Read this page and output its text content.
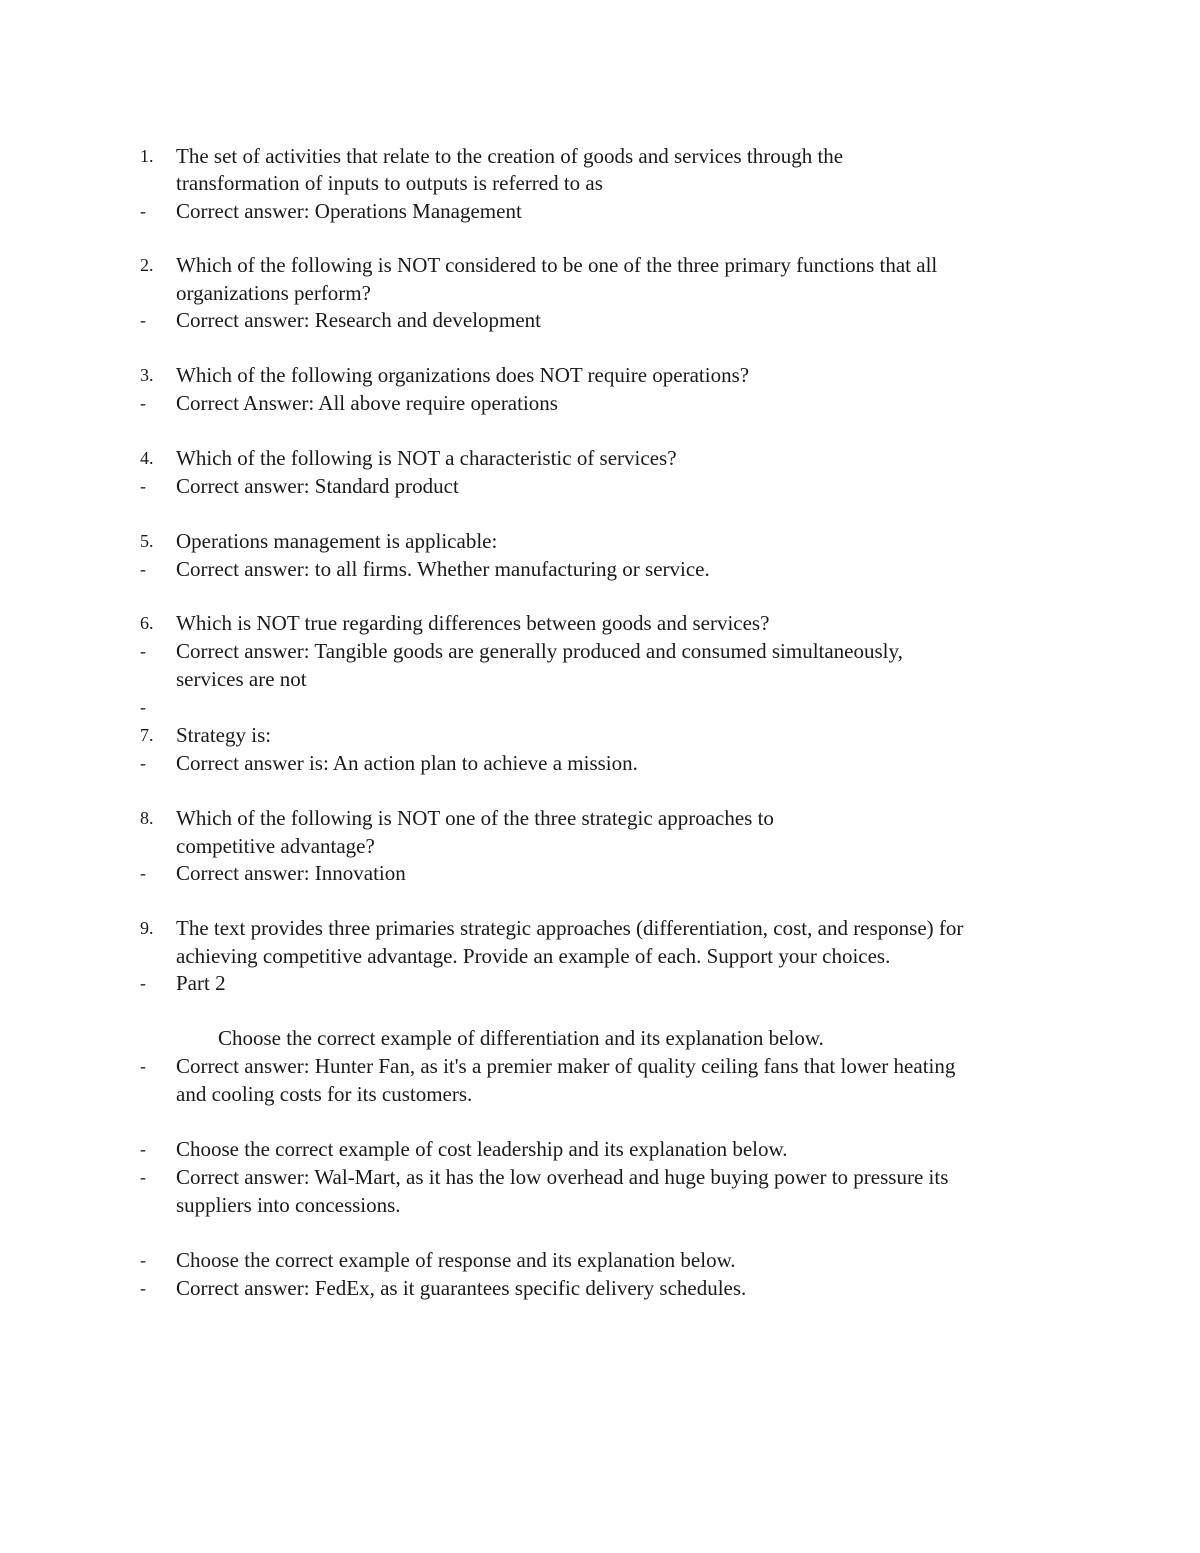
1.	The set of activities that relate to the creation of goods and services through the
transformation of inputs to outputs is referred to as
-	Correct answer: Operations Management
2.	Which of the following is NOT considered to be one of the three primary functions that all
organizations perform?
-	Correct answer: Research and development
3.	Which of the following organizations does NOT require operations?
-	Correct Answer: All above require operations
4.	Which of the following is NOT a characteristic of services?
-	Correct answer: Standard product
5.	Operations management is applicable:
-	Correct answer: to all firms. Whether manufacturing or service.
6.	Which is NOT true regarding differences between goods and services?
-	Correct answer: Tangible goods are generally produced and consumed simultaneously,
services are not
-
7.	Strategy is:
-	Correct answer is: An action plan to achieve a mission.
8.	Which of the following is NOT one of the three strategic approaches to
competitive advantage?
-	Correct answer: Innovation
9.	The text provides three primaries strategic approaches (differentiation, cost, and response) for
achieving competitive advantage. Provide an example of each. Support your choices.
-	Part 2
Choose the correct example of differentiation and its explanation below.
-	Correct answer: Hunter Fan, as it's a premier maker of quality ceiling fans that lower heating
and cooling costs for its customers.
-	Choose the correct example of cost leadership and its explanation below.
-	Correct answer: Wal-Mart, as it has the low overhead and huge buying power to pressure its
suppliers into concessions.
-	Choose the correct example of response and its explanation below.
-	Correct answer: FedEx, as it guarantees specific delivery schedules.
